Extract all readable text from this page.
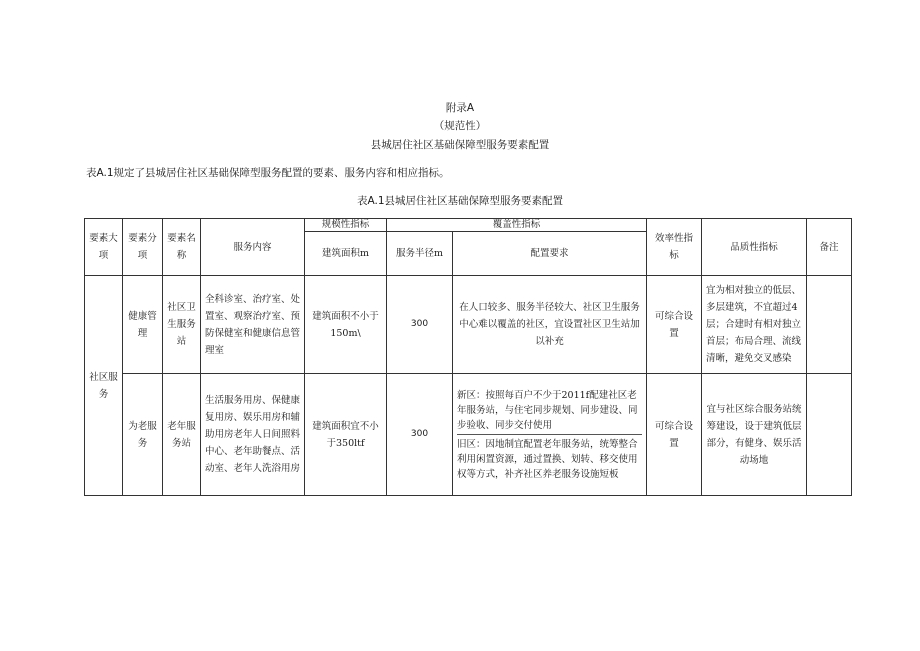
附录A
（规范性）
县城居住社区基础保障型服务要素配置
表A.1规定了县城居住社区基础保障型服务配置的要素、服务内容和相应指标。
表A.1县城居住社区基础保障型服务要素配置
要素大项	要素分项	要素名称	服务内容	规模性指标	覆盖性指标		效率性指标	品质性指标	备注
				建筑面积m	服务半径m	配置要求			
社区服务	健康管理	社区卫生服务站	全科诊室、治疗室、处置室、观察治疗室、预防保健室和健康信息管理室	建筑面积不小于150m\	300	在人口较多、服务半径较大、社区卫生服务中心难以覆盖的社区，宜设置社区卫生站加以补充	可综合设置	宜为相对独立的低层、多层建筑，不宜超过4层；合建时有相对独立首层；布局合理、流线清晰，避免交叉感染	
	为老服务	老年服务站	生活服务用房、保健康复用房、娱乐用房和辅助用房老年人日间照料中心、老年助餐点、活动室、老年人洗浴用房	建筑面积宜不小于350ltf	300	新区：按照每百户不少于2011f配建社区老年服务站，与住宅同步规划、同步建设、同步验收、同步交付使用
旧区：因地制宜配置老年服务站，统筹整合利用闲置资源，通过置换、划转、移交使用权等方式，补齐社区养老服务设施短板	可综合设置	宜与社区综合服务站统筹建设，设于建筑低层部分，有健身、娱乐活动场地	
